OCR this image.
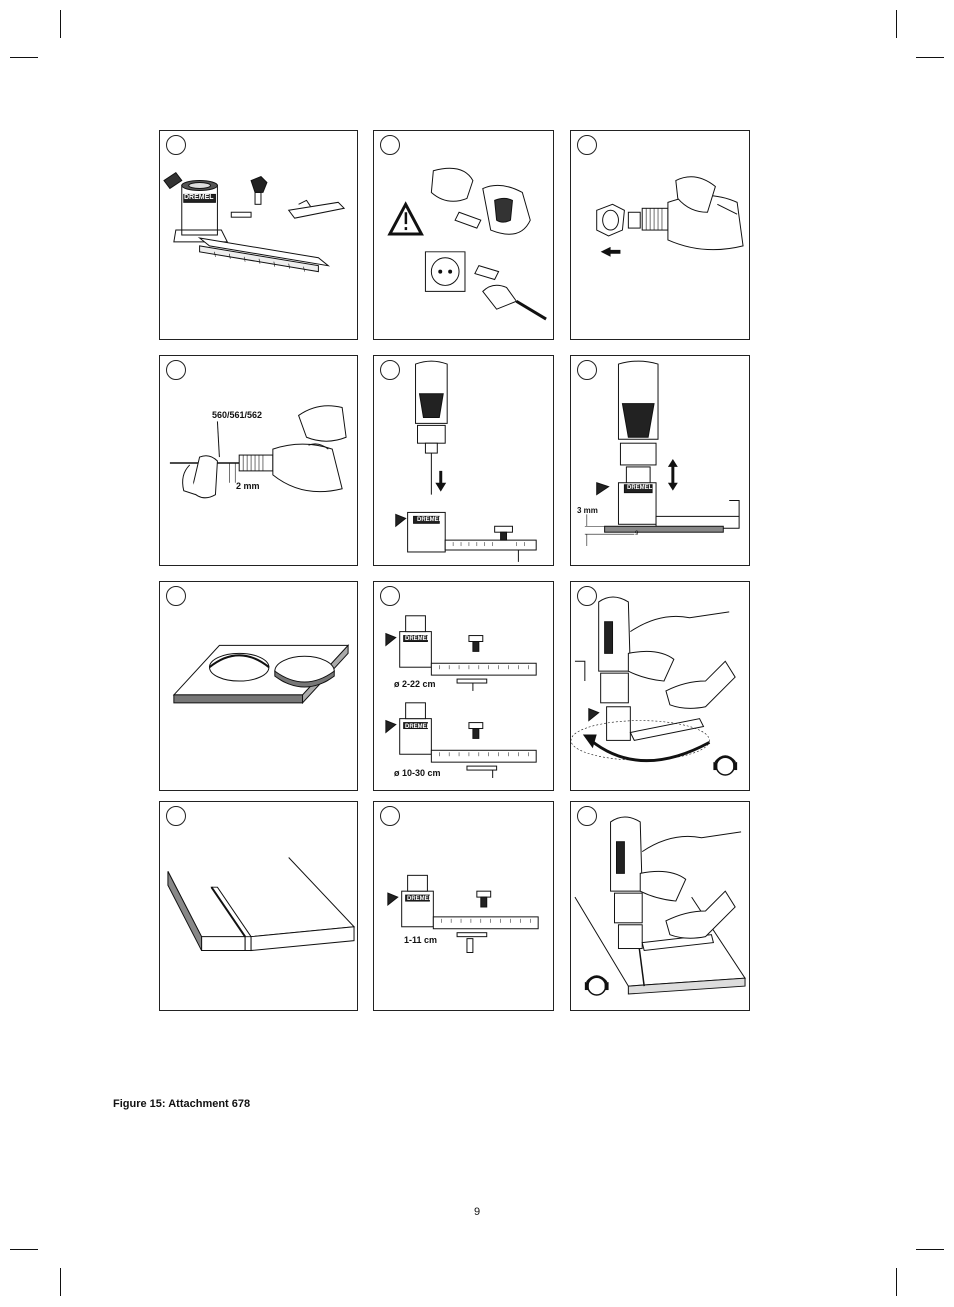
DREMEL
560/561/562
2 mm
DREMEL
DREMEL
3 mm
9
DREMEL
ø 2-22 cm
DREMEL
ø 10-30 cm
DREMEL
1-11 cm
Figure 15: Attachment 678
9
